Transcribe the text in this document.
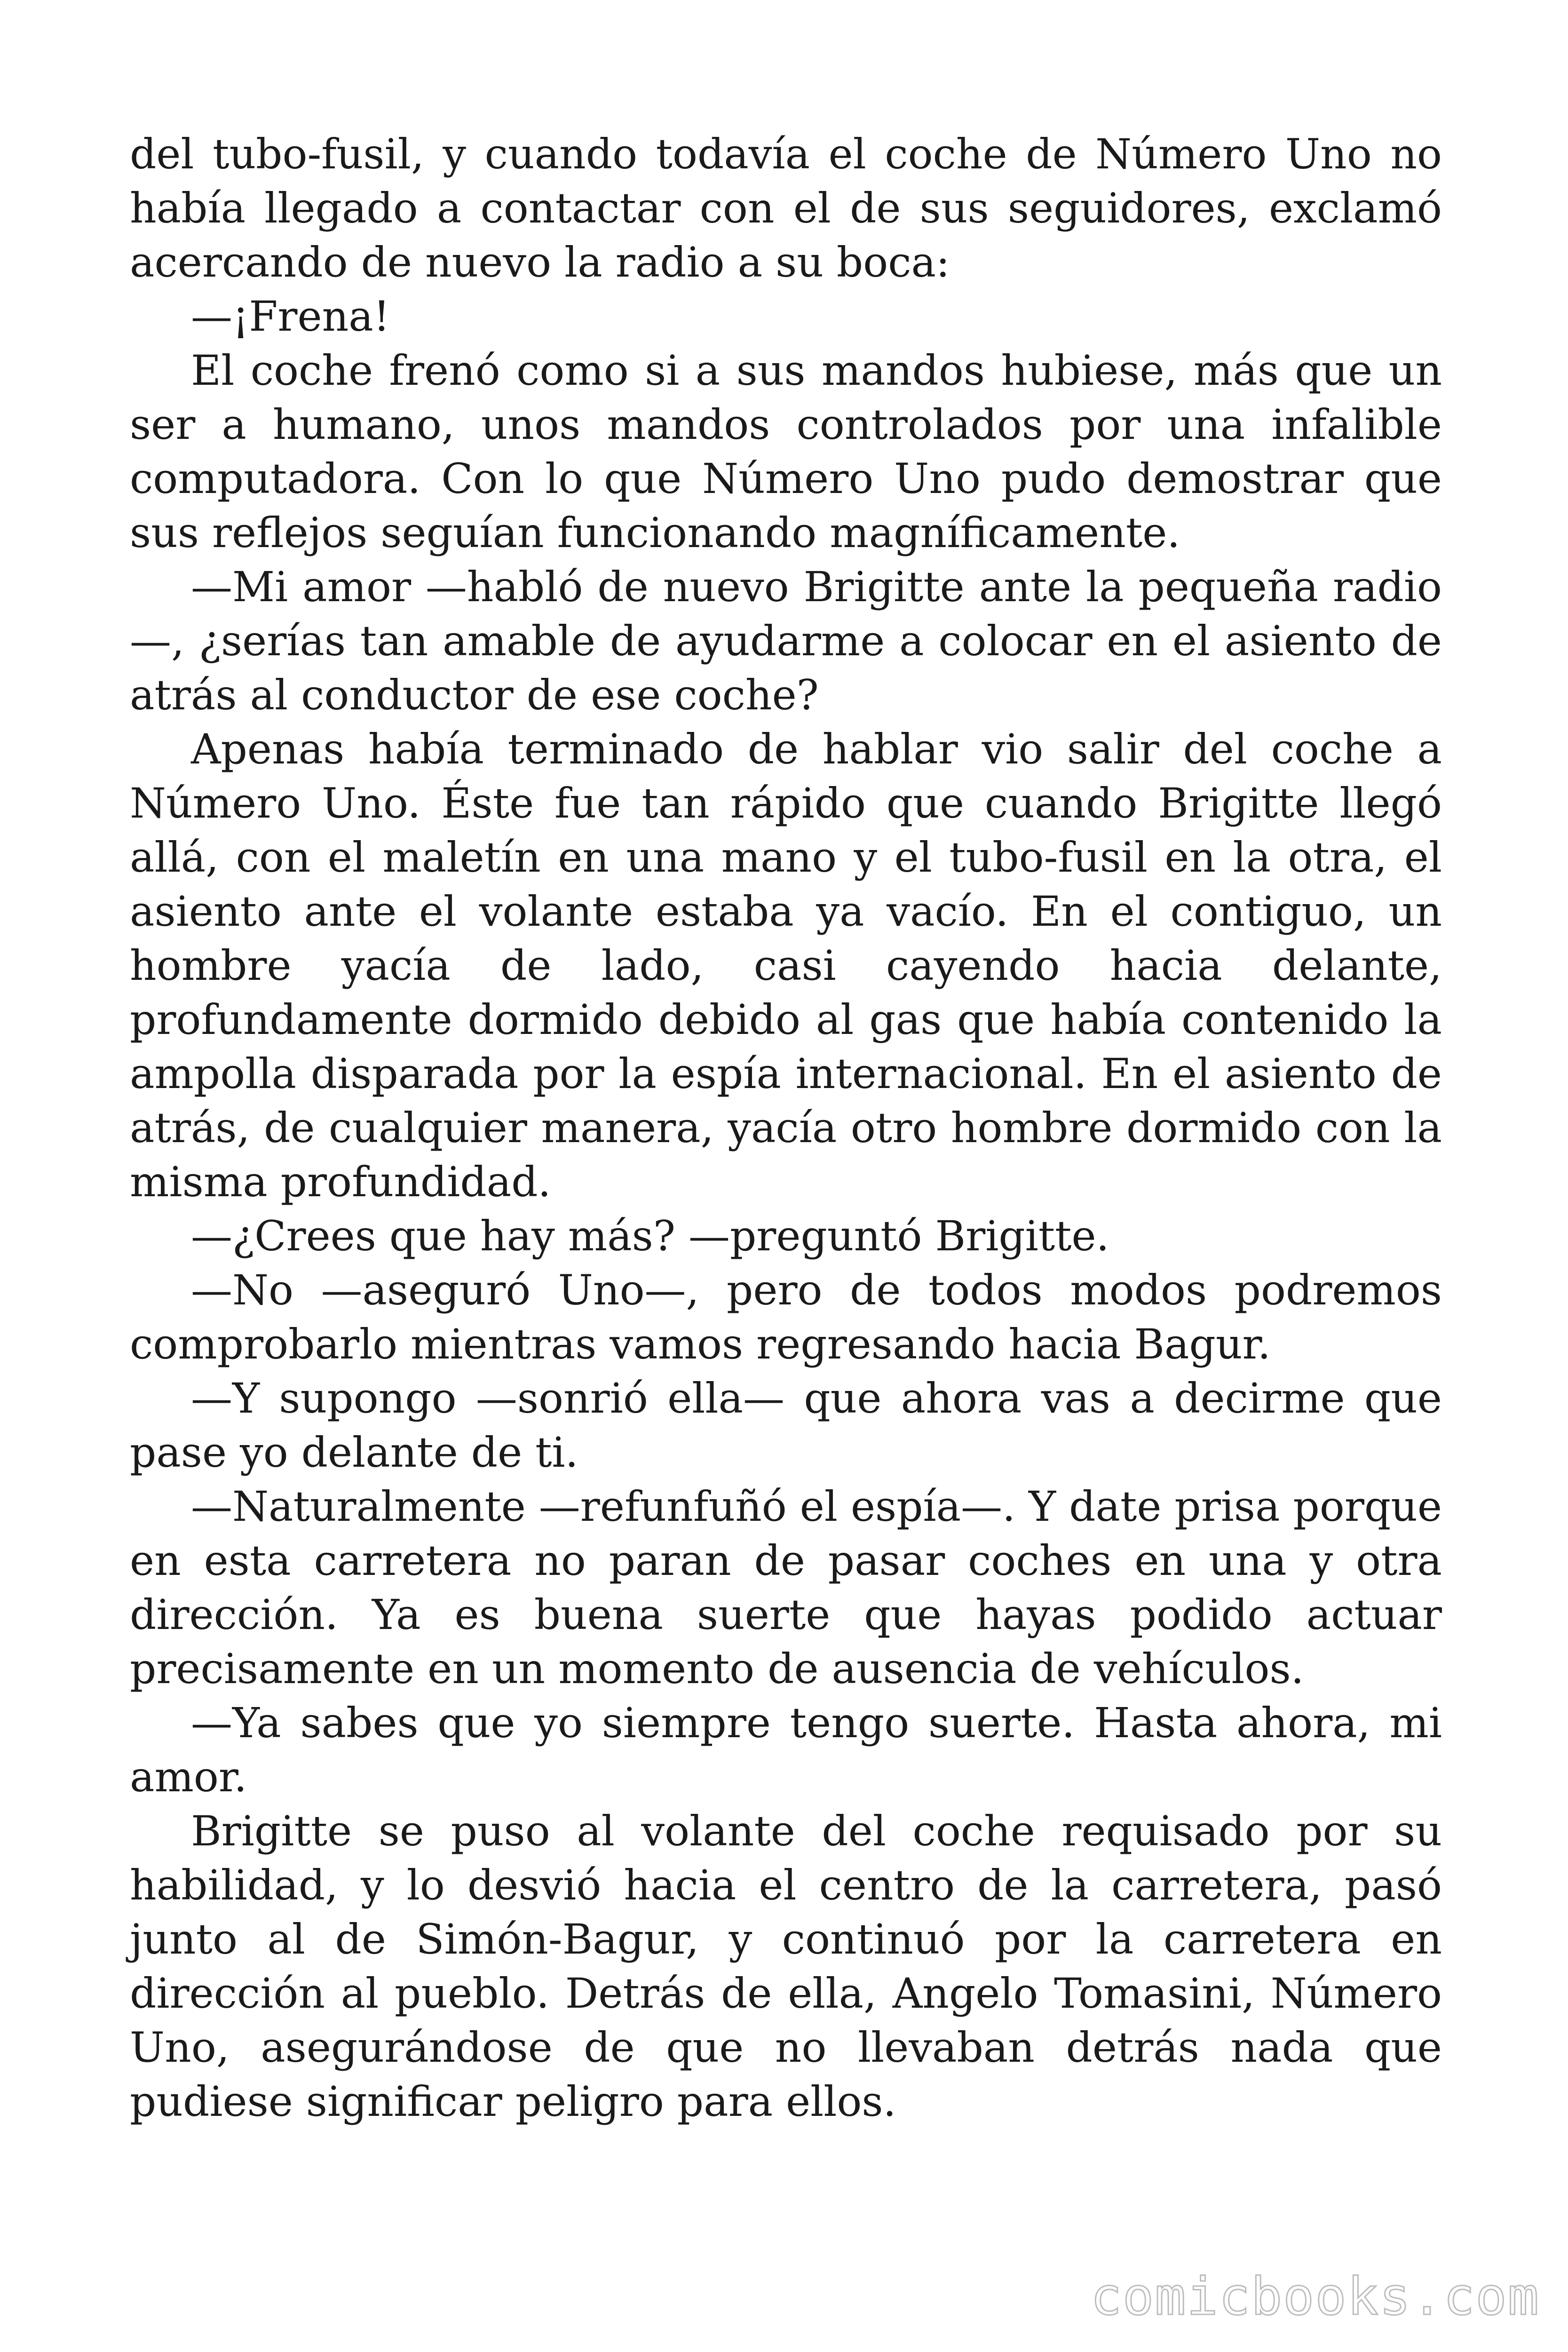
del tubo-fusil, y cuando todavía el coche de Número Uno no había llegado a contactar con el de sus seguidores, exclamó acercando de nuevo la radio a su boca:

—¡Frena!

El coche frenó como si a sus mandos hubiese, más que un ser a humano, unos mandos controlados por una infalible computadora. Con lo que Número Uno pudo demostrar que sus reflejos seguían funcionando magníficamente.

—Mi amor —habló de nuevo Brigitte ante la pequeña radio—, ¿serías tan amable de ayudarme a colocar en el asiento de atrás al conductor de ese coche?

Apenas había terminado de hablar vio salir del coche a Número Uno. Éste fue tan rápido que cuando Brigitte llegó allá, con el maletín en una mano y el tubo-fusil en la otra, el asiento ante el volante estaba ya vacío. En el contiguo, un hombre yacía de lado, casi cayendo hacia delante, profundamente dormido debido al gas que había contenido la ampolla disparada por la espía internacional. En el asiento de atrás, de cualquier manera, yacía otro hombre dormido con la misma profundidad.

—¿Crees que hay más? —preguntó Brigitte.

—No —aseguró Uno—, pero de todos modos podremos comprobarlo mientras vamos regresando hacia Bagur.

—Y supongo —sonrió ella— que ahora vas a decirme que pase yo delante de ti.

—Naturalmente —refunfuñó el espía—. Y date prisa porque en esta carretera no paran de pasar coches en una y otra dirección. Ya es buena suerte que hayas podido actuar precisamente en un momento de ausencia de vehículos.

—Ya sabes que yo siempre tengo suerte. Hasta ahora, mi amor.

Brigitte se puso al volante del coche requisado por su habilidad, y lo desvió hacia el centro de la carretera, pasó junto al de Simón-Bagur, y continuó por la carretera en dirección al pueblo. Detrás de ella, Angelo Tomasini, Número Uno, asegurándose de que no llevaban detrás nada que pudiese significar peligro para ellos.

comicbooks.com
